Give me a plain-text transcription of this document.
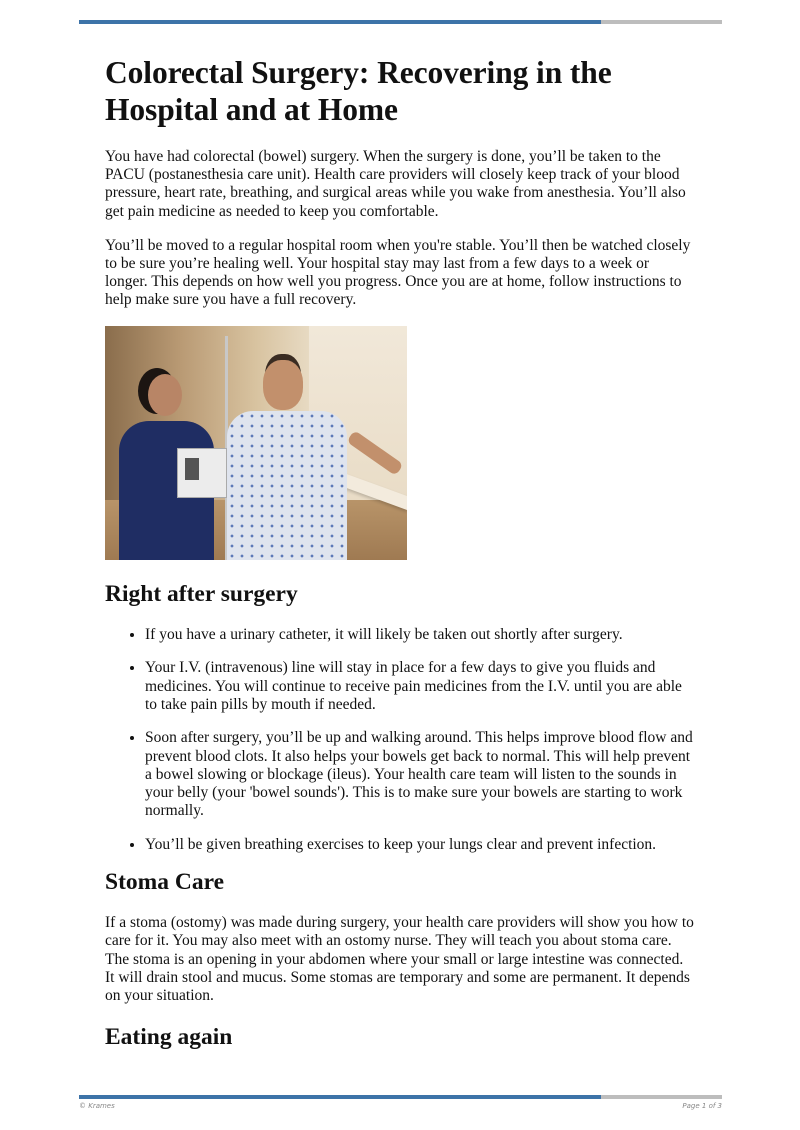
Colorectal Surgery: Recovering in the Hospital and at Home

You have had colorectal (bowel) surgery. When the surgery is done, you’ll be taken to the PACU (postanesthesia care unit). Health care providers will closely keep track of your blood pressure, heart rate, breathing, and surgical areas while you wake from anesthesia. You’ll also get pain medicine as needed to keep you comfortable.

You’ll be moved to a regular hospital room when you're stable. You’ll then be watched closely to be sure you’re healing well. Your hospital stay may last from a few days to a week or longer. This depends on how well you progress. Once you are at home, follow instructions to help make sure you have a full recovery.

Right after surgery
• If you have a urinary catheter, it will likely be taken out shortly after surgery.
• Your I.V. (intravenous) line will stay in place for a few days to give you fluids and medicines. You will continue to receive pain medicines from the I.V. until you are able to take pain pills by mouth if needed.
• Soon after surgery, you’ll be up and walking around. This helps improve blood flow and prevent blood clots. It also helps your bowels get back to normal. This will help prevent a bowel slowing or blockage (ileus). Your health care team will listen to the sounds in your belly (your 'bowel sounds'). This is to make sure your bowels are starting to work normally.
• You’ll be given breathing exercises to keep your lungs clear and prevent infection.
Stoma Care

If a stoma (ostomy) was made during surgery, your health care providers will show you how to care for it. You may also meet with an ostomy nurse. They will teach you about stoma care. The stoma is an opening in your abdomen where your small or large intestine was connected. It will drain stool and mucus. Some stomas are temporary and some are permanent. It depends on your situation.

Eating again
© Krames	Page 1 of 3
